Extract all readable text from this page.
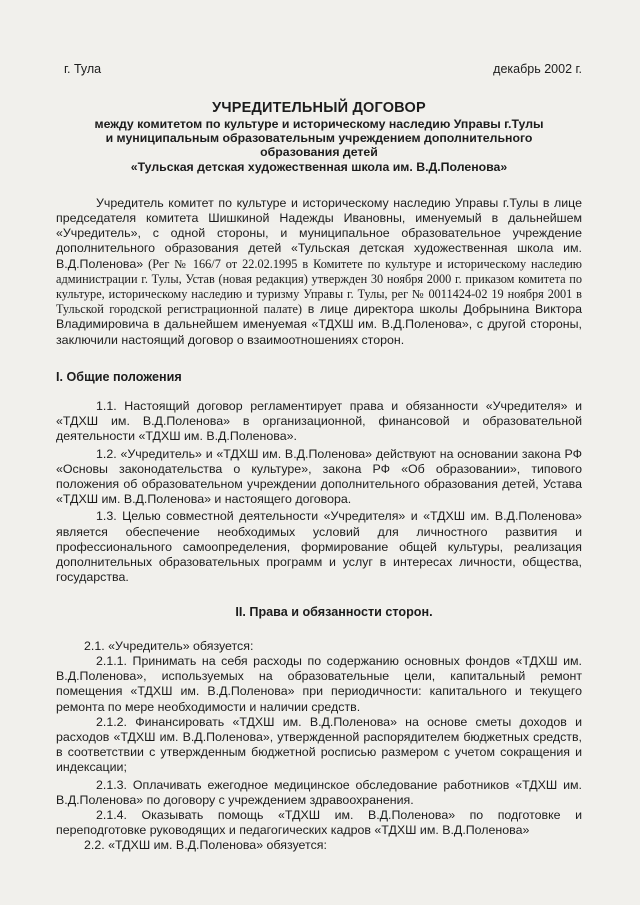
г. Тула	декабрь 2002 г.
УЧРЕДИТЕЛЬНЫЙ ДОГОВОР
между комитетом по культуре и историческому наследию Управы г.Тулы
и муниципальным образовательным учреждением дополнительного
образования детей
«Тульская детская художественная школа им. В.Д.Поленова»

Учредитель комитет по культуре и историческому наследию Управы г.Тулы в лице председателя комитета Шишкиной Надежды Ивановны, именуемый в дальнейшем «Учредитель», с одной стороны, и муниципальное образовательное учреждение дополнительного образования детей «Тульская детская художественная школа им. В.Д.Поленова» (Рег № 166/7 от 22.02.1995 в Комитете по культуре и историческому наследию администрации г. Тулы, Устав (новая редакция) утвержден 30 ноября 2000 г. приказом комитета по культуре, историческому наследию и туризму Управы г. Тулы, рег № 0011424-02 19 ноября 2001 в Тульской городской регистрационной палате) в лице директора школы Добрынина Виктора Владимировича в дальнейшем именуемая «ТДХШ им. В.Д.Поленова», с другой стороны, заключили настоящий договор о взаимоотношениях сторон.

I. Общие положения

1.1. Настоящий договор регламентирует права и обязанности «Учредителя» и «ТДХШ им. В.Д.Поленова» в организационной, финансовой и образовательной деятельности «ТДХШ им. В.Д.Поленова».

1.2. «Учредитель» и «ТДХШ им. В.Д.Поленова» действуют на основании закона РФ «Основы законодательства о культуре», закона РФ «Об образовании», типового положения об образовательном учреждении дополнительного образования детей, Устава «ТДХШ им. В.Д.Поленова» и настоящего договора.

1.3. Целью совместной деятельности «Учредителя» и «ТДХШ им. В.Д.Поленова» является обеспечение необходимых условий для личностного развития и профессионального самоопределения, формирование общей культуры, реализация дополнительных образовательных программ и услуг в интересах личности, общества, государства.

II. Права и обязанности сторон.

2.1. «Учредитель» обязуется:

2.1.1. Принимать на себя расходы по содержанию основных фондов «ТДХШ им. В.Д.Поленова», используемых на образовательные цели, капитальный ремонт помещения «ТДХШ им. В.Д.Поленова» при периодичности: капитального и текущего ремонта по мере необходимости и наличии средств.

2.1.2. Финансировать «ТДХШ им. В.Д.Поленова» на основе сметы доходов и расходов «ТДХШ им. В.Д.Поленова», утвержденной распорядителем бюджетных средств, в соответствии с утвержденным бюджетной росписью размером с учетом сокращения и индексации;

2.1.3. Оплачивать ежегодное медицинское обследование работников «ТДХШ им. В.Д.Поленова» по договору с учреждением здравоохранения.

2.1.4. Оказывать помощь «ТДХШ им. В.Д.Поленова» по подготовке и переподготовке руководящих и педагогических кадров «ТДХШ им. В.Д.Поленова»

2.2. «ТДХШ им. В.Д.Поленова» обязуется:
